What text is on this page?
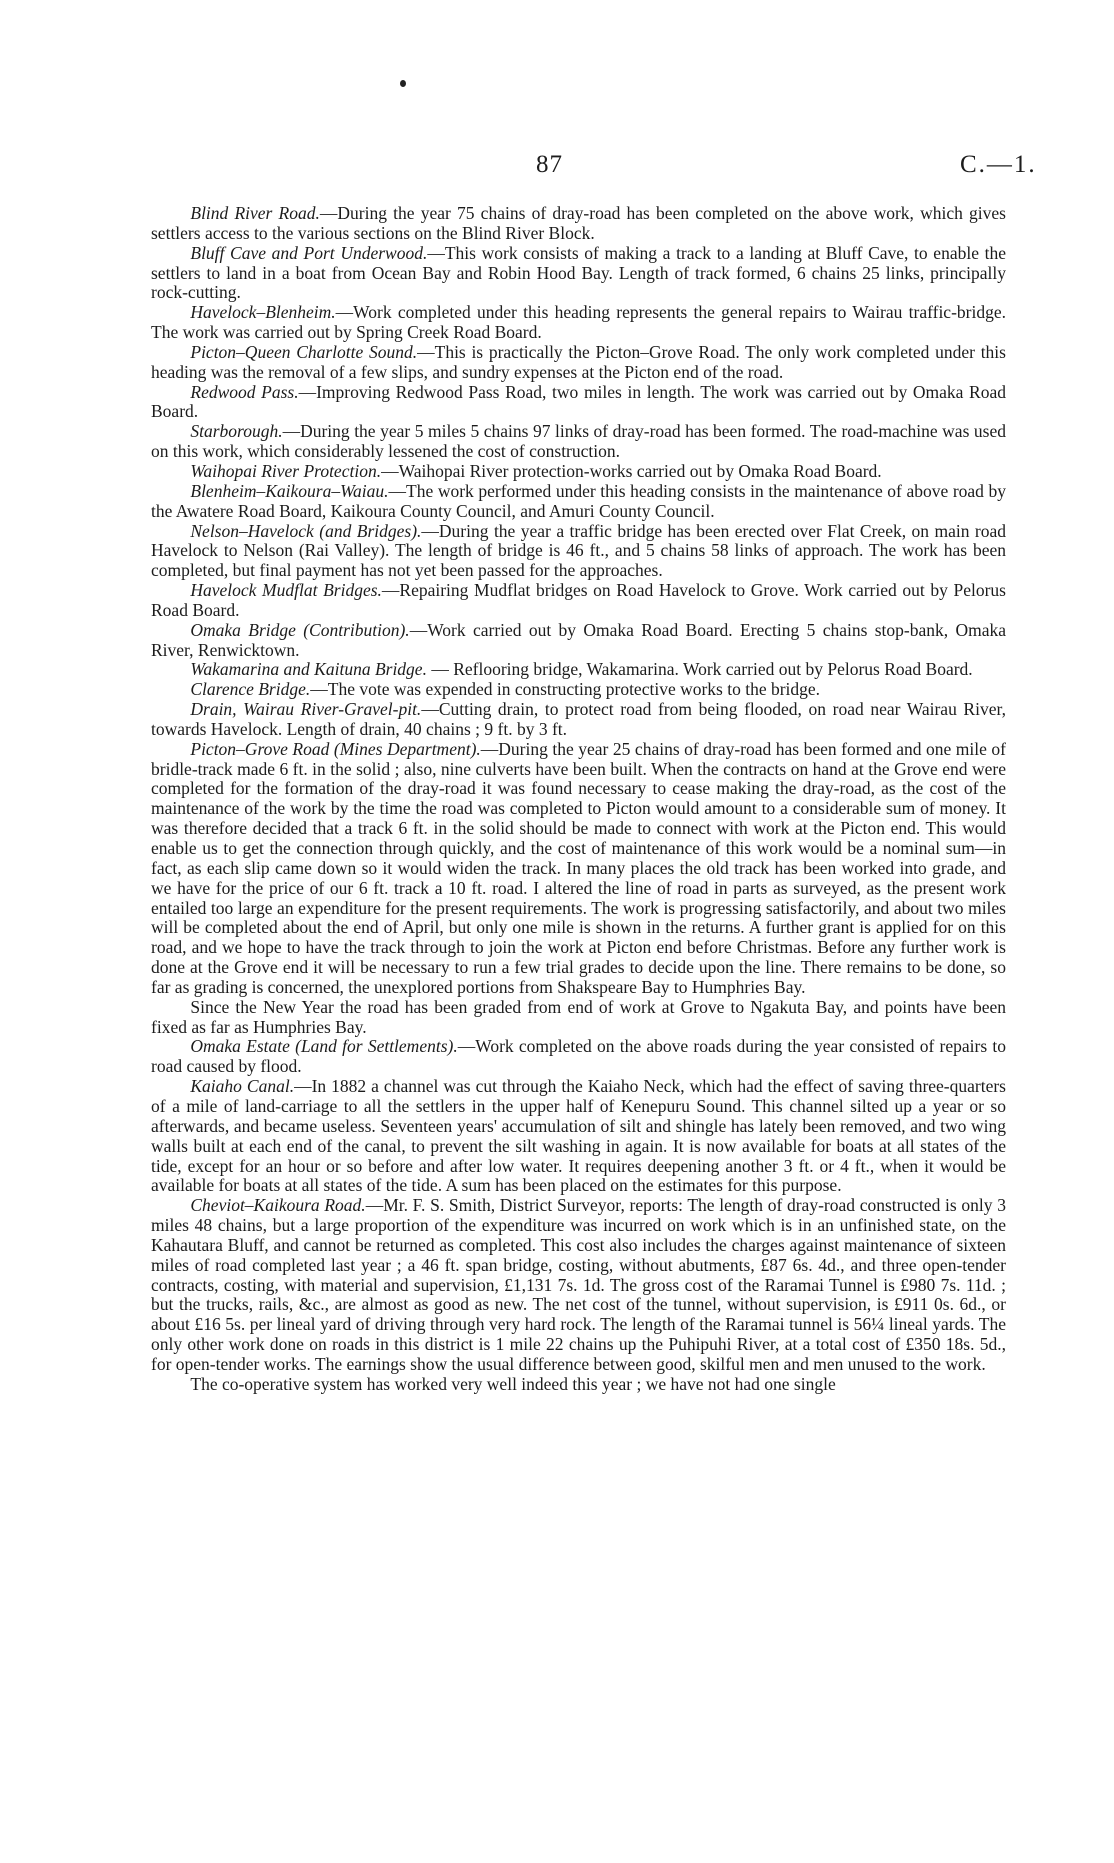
87	C.—1.

Blind River Road.—During the year 75 chains of dray-road has been completed on the above work, which gives settlers access to the various sections on the Blind River Block.

Bluff Cave and Port Underwood.—This work consists of making a track to a landing at Bluff Cave, to enable the settlers to land in a boat from Ocean Bay and Robin Hood Bay. Length of track formed, 6 chains 25 links, principally rock-cutting.

Havelock–Blenheim.—Work completed under this heading represents the general repairs to Wairau traffic-bridge. The work was carried out by Spring Creek Road Board.

Picton–Queen Charlotte Sound.—This is practically the Picton–Grove Road. The only work completed under this heading was the removal of a few slips, and sundry expenses at the Picton end of the road.

Redwood Pass.—Improving Redwood Pass Road, two miles in length. The work was carried out by Omaka Road Board.

Starborough.—During the year 5 miles 5 chains 97 links of dray-road has been formed. The road-machine was used on this work, which considerably lessened the cost of construction.

Waihopai River Protection.—Waihopai River protection-works carried out by Omaka Road Board.

Blenheim–Kaikoura–Waiau.—The work performed under this heading consists in the maintenance of above road by the Awatere Road Board, Kaikoura County Council, and Amuri County Council.

Nelson–Havelock (and Bridges).—During the year a traffic bridge has been erected over Flat Creek, on main road Havelock to Nelson (Rai Valley). The length of bridge is 46 ft., and 5 chains 58 links of approach. The work has been completed, but final payment has not yet been passed for the approaches.

Havelock Mudflat Bridges.—Repairing Mudflat bridges on Road Havelock to Grove. Work carried out by Pelorus Road Board.

Omaka Bridge (Contribution).—Work carried out by Omaka Road Board. Erecting 5 chains stop-bank, Omaka River, Renwicktown.

Wakamarina and Kaituna Bridge. — Reflooring bridge, Wakamarina. Work carried out by Pelorus Road Board.

Clarence Bridge.—The vote was expended in constructing protective works to the bridge.

Drain, Wairau River-Gravel-pit.—Cutting drain, to protect road from being flooded, on road near Wairau River, towards Havelock. Length of drain, 40 chains ; 9 ft. by 3 ft.

Picton–Grove Road (Mines Department).—During the year 25 chains of dray-road has been formed and one mile of bridle-track made 6 ft. in the solid ; also, nine culverts have been built. When the contracts on hand at the Grove end were completed for the formation of the dray-road it was found necessary to cease making the dray-road, as the cost of the maintenance of the work by the time the road was completed to Picton would amount to a considerable sum of money. It was therefore decided that a track 6 ft. in the solid should be made to connect with work at the Picton end. This would enable us to get the connection through quickly, and the cost of maintenance of this work would be a nominal sum—in fact, as each slip came down so it would widen the track. In many places the old track has been worked into grade, and we have for the price of our 6 ft. track a 10 ft. road. I altered the line of road in parts as surveyed, as the present work entailed too large an expenditure for the present requirements. The work is progressing satisfactorily, and about two miles will be completed about the end of April, but only one mile is shown in the returns. A further grant is applied for on this road, and we hope to have the track through to join the work at Picton end before Christmas. Before any further work is done at the Grove end it will be necessary to run a few trial grades to decide upon the line. There remains to be done, so far as grading is concerned, the unexplored portions from Shakspeare Bay to Humphries Bay.

Since the New Year the road has been graded from end of work at Grove to Ngakuta Bay, and points have been fixed as far as Humphries Bay.

Omaka Estate (Land for Settlements).—Work completed on the above roads during the year consisted of repairs to road caused by flood.

Kaiaho Canal.—In 1882 a channel was cut through the Kaiaho Neck, which had the effect of saving three-quarters of a mile of land-carriage to all the settlers in the upper half of Kenepuru Sound. This channel silted up a year or so afterwards, and became useless. Seventeen years' accumulation of silt and shingle has lately been removed, and two wing walls built at each end of the canal, to prevent the silt washing in again. It is now available for boats at all states of the tide, except for an hour or so before and after low water. It requires deepening another 3 ft. or 4 ft., when it would be available for boats at all states of the tide. A sum has been placed on the estimates for this purpose.

Cheviot–Kaikoura Road.—Mr. F. S. Smith, District Surveyor, reports: The length of dray-road constructed is only 3 miles 48 chains, but a large proportion of the expenditure was incurred on work which is in an unfinished state, on the Kahautara Bluff, and cannot be returned as completed. This cost also includes the charges against maintenance of sixteen miles of road completed last year ; a 46 ft. span bridge, costing, without abutments, £87 6s. 4d., and three open-tender contracts, costing, with material and supervision, £1,131 7s. 1d. The gross cost of the Raramai Tunnel is £980 7s. 11d. ; but the trucks, rails, &c., are almost as good as new. The net cost of the tunnel, without supervision, is £911 0s. 6d., or about £16 5s. per lineal yard of driving through very hard rock. The length of the Raramai tunnel is 56¼ lineal yards. The only other work done on roads in this district is 1 mile 22 chains up the Puhipuhi River, at a total cost of £350 18s. 5d., for open-tender works. The earnings show the usual difference between good, skilful men and men unused to the work.

The co-operative system has worked very well indeed this year ; we have not had one single
